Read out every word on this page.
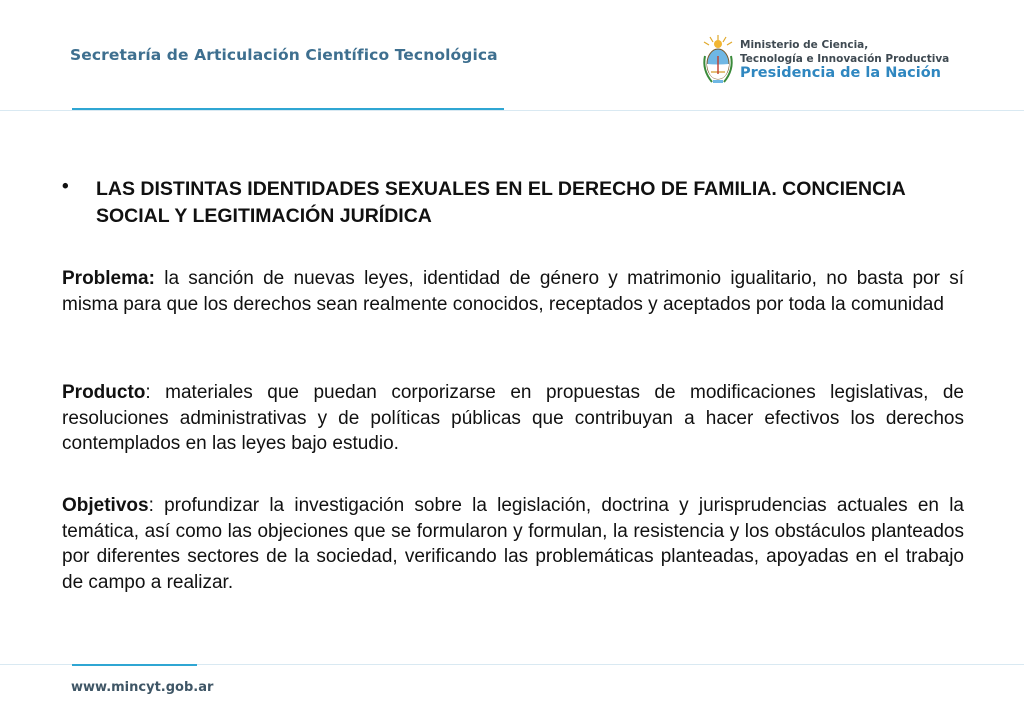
Secretaría de Articulación Científico Tecnológica
Ministerio de Ciencia,
Tecnología e Innovación Productiva
Presidencia de la Nación
• LAS DISTINTAS IDENTIDADES SEXUALES EN EL DERECHO DE FAMILIA. CONCIENCIA SOCIAL Y LEGITIMACIÓN JURÍDICA

Problema: la sanción de nuevas leyes, identidad de género y matrimonio igualitario, no basta por sí misma para que los derechos sean realmente conocidos, receptados y aceptados por toda la comunidad

Producto: materiales que puedan corporizarse en propuestas de modificaciones legislativas, de resoluciones administrativas y de políticas públicas que contribuyan a hacer efectivos los derechos contemplados en las leyes bajo estudio.

Objetivos: profundizar la investigación sobre la legislación, doctrina y jurisprudencias actuales en la temática, así como las objeciones que se formularon y formulan, la resistencia y los obstáculos planteados por diferentes sectores de la sociedad, verificando las problemáticas planteadas, apoyadas en el trabajo de campo a realizar.

www.mincyt.gob.ar
